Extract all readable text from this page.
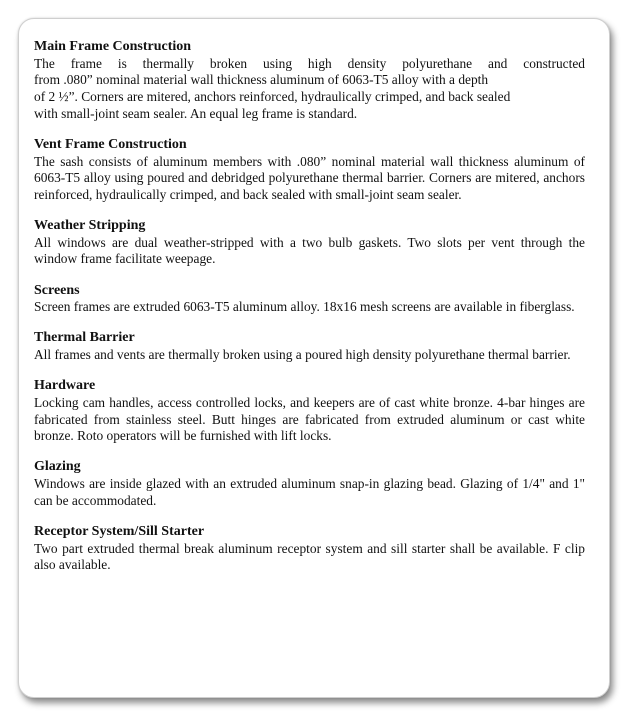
Main Frame Construction

The frame is thermally broken using high density polyurethane and constructed
from .080” nominal material wall thickness aluminum of 6063-T5 alloy with a depth
of 2 ½”. Corners are mitered, anchors reinforced, hydraulically crimped, and back sealed
with small-joint seam sealer. An equal leg frame is standard.

Vent Frame Construction

The sash consists of aluminum members with .080” nominal material wall thickness aluminum of 6063-T5 alloy using poured and debridged polyurethane thermal barrier. Corners are mitered, anchors reinforced, hydraulically crimped, and back sealed with small-joint seam sealer.

Weather Stripping

All windows are dual weather-stripped with a two bulb gaskets. Two slots per vent through the window frame facilitate weepage.

Screens

Screen frames are extruded 6063-T5 aluminum alloy. 18x16 mesh screens are available in fiberglass.

Thermal Barrier

All frames and vents are thermally broken using a poured high density polyurethane thermal barrier.

Hardware

Locking cam handles, access controlled locks, and keepers are of cast white bronze. 4-bar hinges are fabricated from stainless steel. Butt hinges are fabricated from extruded aluminum or cast white bronze. Roto operators will be furnished with lift locks.

Glazing

Windows are inside glazed with an extruded aluminum snap-in glazing bead. Glazing of 1/4" and 1" can be accommodated.

Receptor System/Sill Starter

Two part extruded thermal break aluminum receptor system and sill starter shall be available. F clip also available.
